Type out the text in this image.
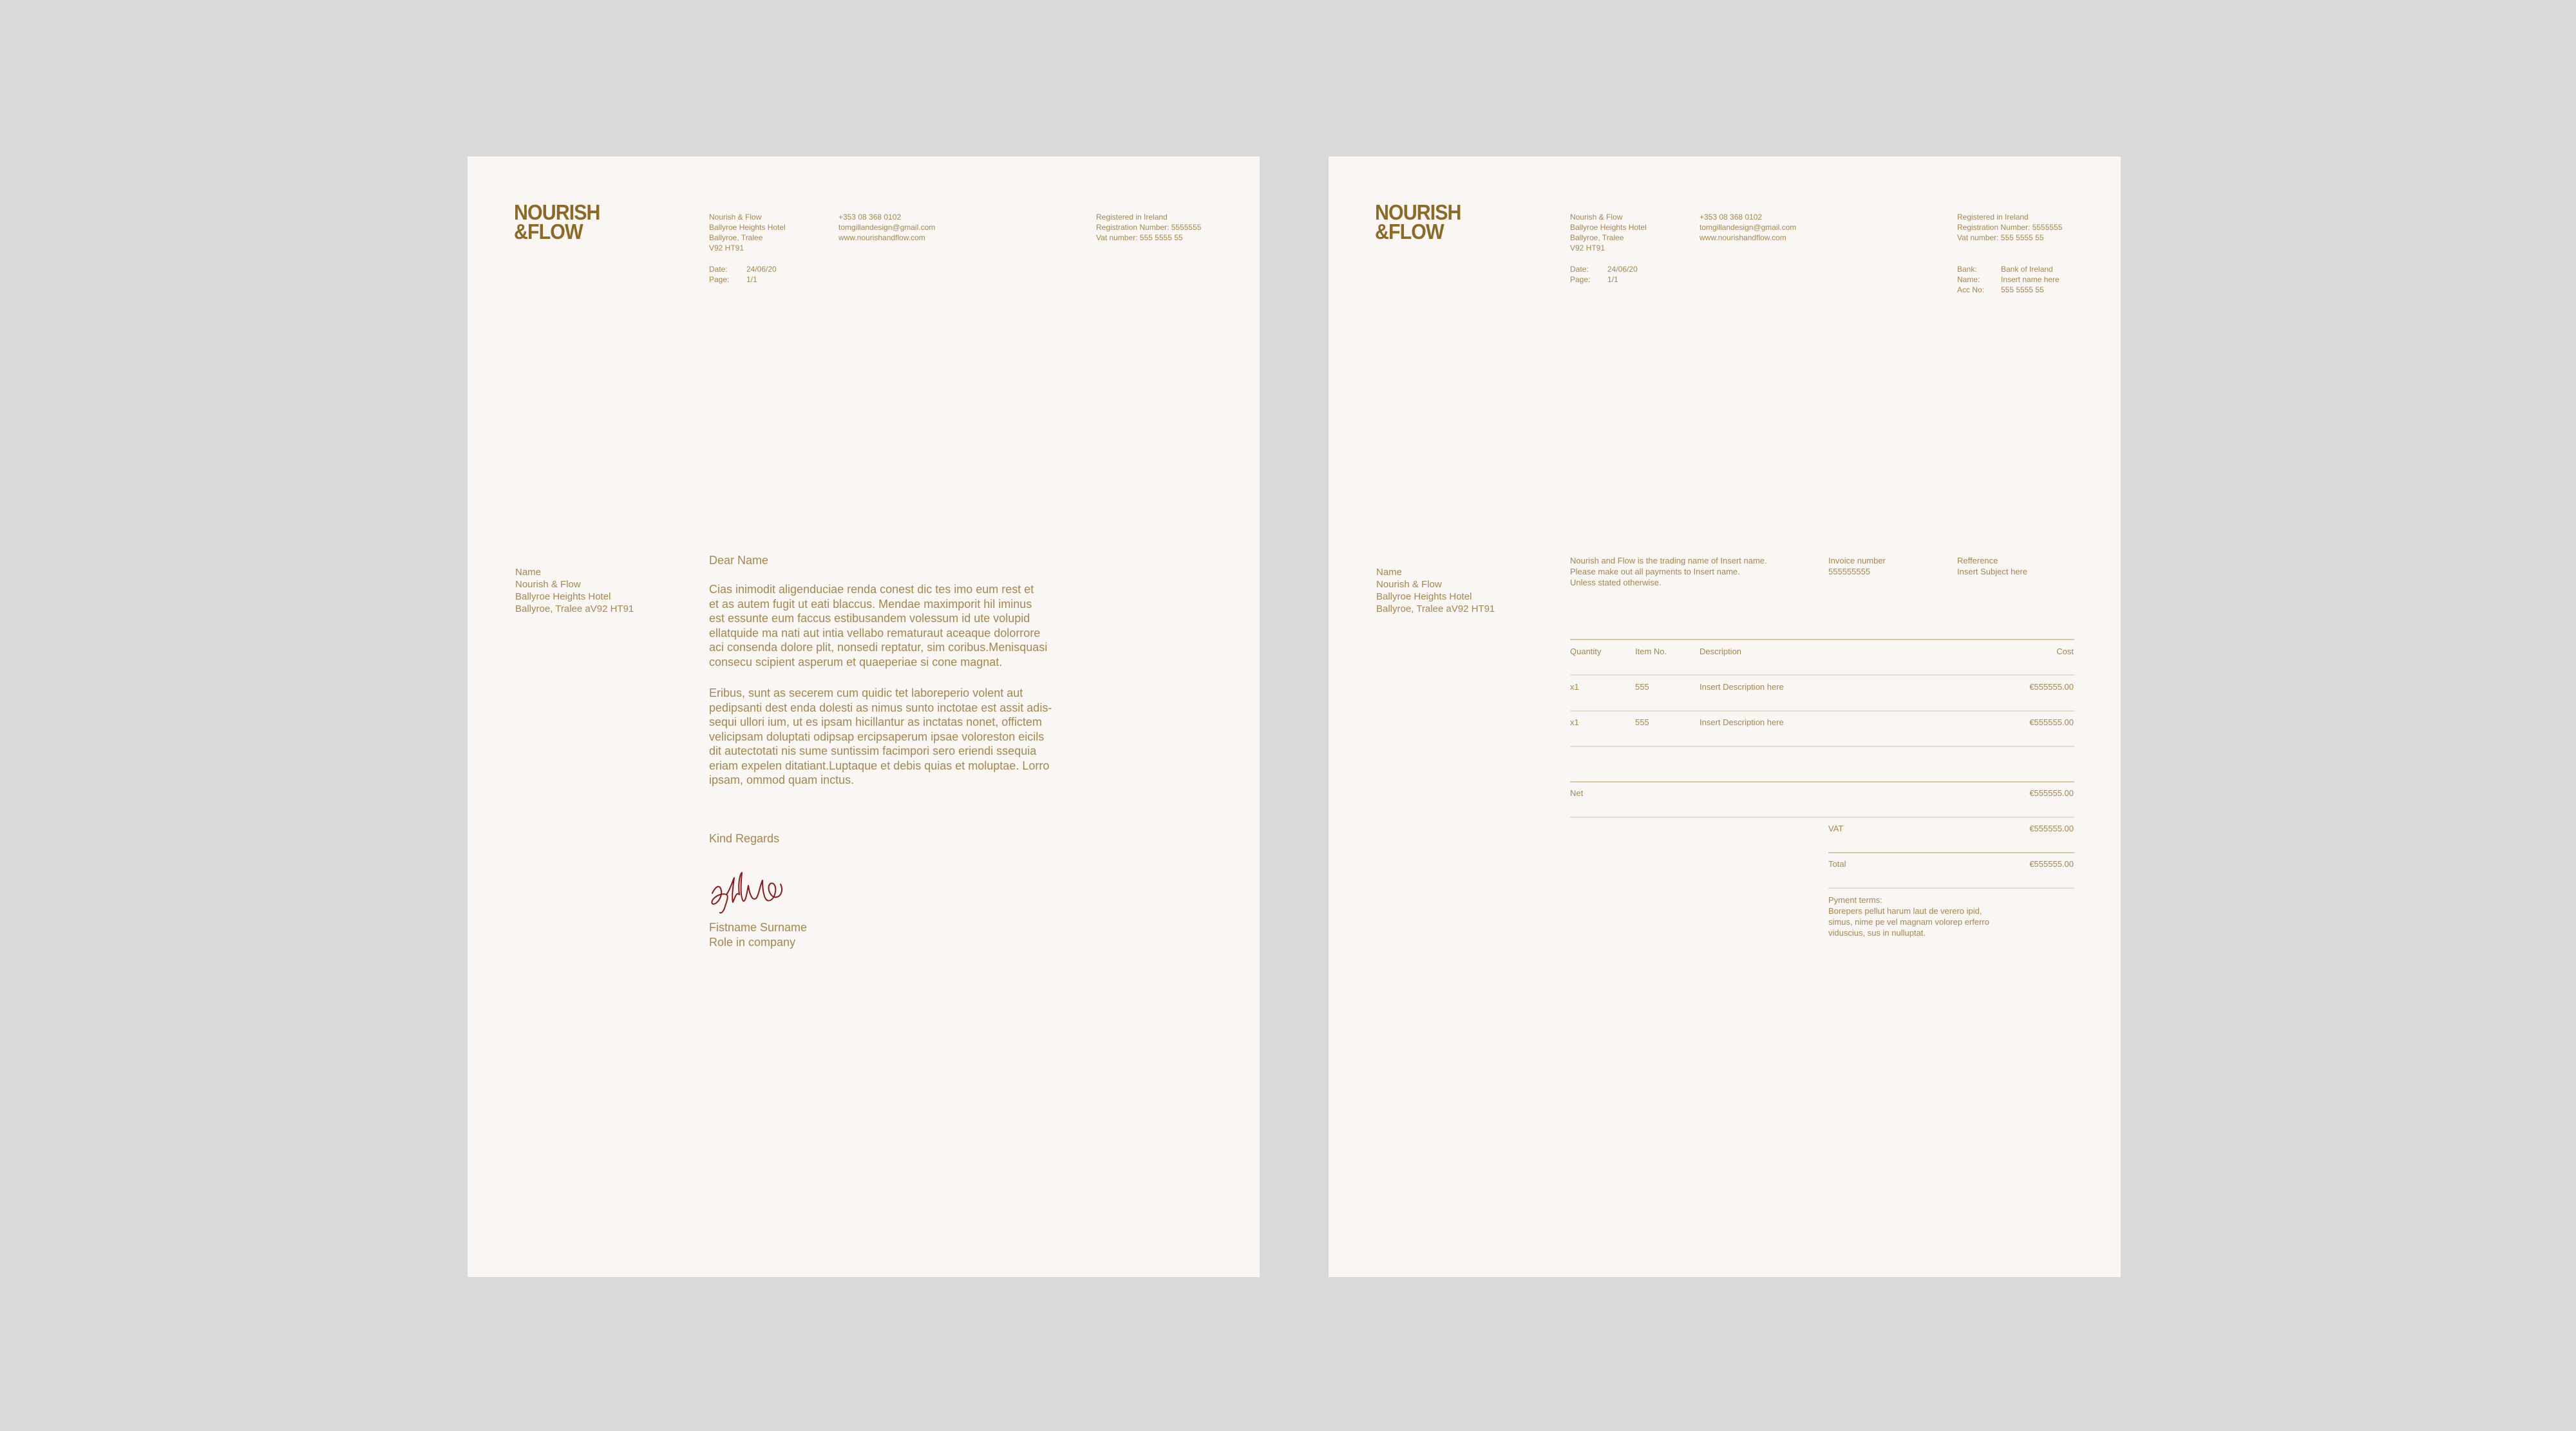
NOURISH
&FLOW

Nourish & Flow
Ballyroe Heights Hotel
Ballyroe, Tralee
V92 HT91

+353 08 368 0102
tomgillandesign@gmail.com
www.nourishandflow.com

Registered in Ireland
Registration Number: 5555555
Vat number: 555 5555 55

Date:	24/06/20
Page:	1/1

Name
Nourish & Flow
Ballyroe Heights Hotel
Ballyroe, Tralee aV92 HT91

Dear Name

Cias inimodit aligenduciae renda conest dic tes imo eum rest et
et as autem fugit ut eati blaccus. Mendae maximporit hil iminus
est essunte eum faccus estibusandem volessum id ute volupid
ellatquide ma nati aut intia vellabo rematuraut aceaque dolorrore
aci consenda dolore plit, nonsedi reptatur, sim coribus.Menisquasi
consecu scipient asperum et quaeperiae si cone magnat.

Eribus, sunt as secerem cum quidic tet laboreperio volent aut
pedipsanti dest enda dolesti as nimus sunto inctotae est assit adis-
sequi ullori ium, ut es ipsam hicillantur as inctatas nonet, offictem
velicipsam doluptati odipsap ercipsaperum ipsae voloreston eicils
dit autectotati nis sume suntissim facimpori sero eriendi ssequia
eriam expelen ditatiant.Luptaque et debis quias et moluptae. Lorro
ipsam, ommod quam inctus.

Kind Regards

Fistname Surname

Role in company

NOURISH
&FLOW

Nourish & Flow
Ballyroe Heights Hotel
Ballyroe, Tralee
V92 HT91

+353 08 368 0102
tomgillandesign@gmail.com
www.nourishandflow.com

Registered in Ireland
Registration Number: 5555555
Vat number: 555 5555 55

Date:	24/06/20
Page:	1/1
Bank:	Bank of Ireland
Name:	Insert name here
Acc No:	555 5555 55

Name
Nourish & Flow
Ballyroe Heights Hotel
Ballyroe, Tralee aV92 HT91

Nourish and Flow is the trading name of Insert name.
Please make out all payments to Insert name.
Unless stated otherwise.

Invoice number

555555555

Refference

Insert Subject here

Quantity	Item No.	Description	Cost

x1	555	Insert Description here	€555555.00

x1	555	Insert Description here	€555555.00

Net	€555555.00

VAT	€555555.00

Total	€555555.00

Pyment terms:
Borepers pellut harum laut de verero ipid,
simus, nime pe vel magnam volorep erferro
viduscius, sus in nulluptat.
